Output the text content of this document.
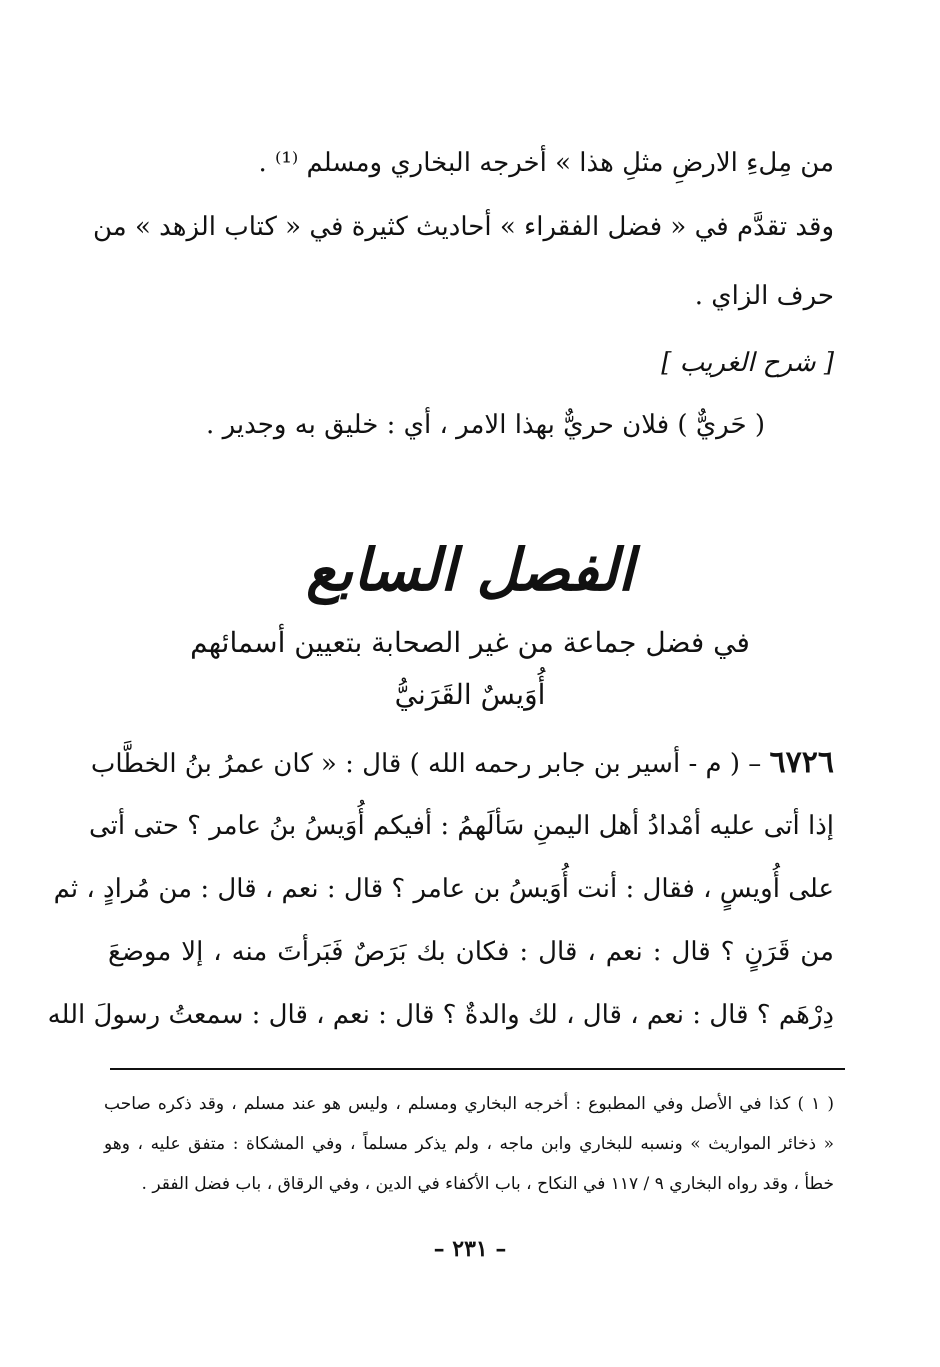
من مِلءِ الارضِ مثلِ هذا » أخرجه البخاري ومسلم ⁽¹⁾ .
وقد تقدَّم في « فضل الفقراء » أحاديث كثيرة في « كتاب الزهد » من
حرف الزاي .
[ شرح الغريب ]
( حَريٌّ ) فلان حريٌّ بهذا الامر ، أي : خليق به وجدير .
الفصل السابع
في فضل جماعة من غير الصحابة بتعيين أسمائهم
أُوَيسٌ القَرَنيُّ
٦٧٢٦ – ( م - أسير بن جابر رحمه الله ) قال : « كان عمرُ بنُ الخطَّاب
إذا أتى عليه أمْدادُ أهل اليمنِ سَألَهمُ : أفيكم أُوَيسُ بنُ عامر ؟ حتى أتى
على أُويسٍ ، فقال : أنت أُوَيسُ بن عامر ؟ قال : نعم ، قال : من مُرادٍ ، ثم
من قَرَنٍ ؟ قال : نعم ، قال : فكان بك بَرَصٌ فَبَرأتَ منه ، إلا موضعَ
دِرْهَم ؟ قال : نعم ، قال ، لك والدةٌ ؟ قال : نعم ، قال : سمعتُ رسولَ الله
( ١ ) كذا في الأصل وفي المطبوع : أخرجه البخاري ومسلم ، وليس هو عند مسلم ، وقد ذكره صاحب
« ذخائر المواريث » ونسبه للبخاري وابن ماجه ، ولم يذكر مسلماً ، وفي المشكاة : متفق عليه ، وهو
خطأ ، وقد رواه البخاري ٩ / ١١٧ في النكاح ، باب الأكفاء في الدين ، وفي الرقاق ، باب فضل الفقر .
– ٢٣١ –
